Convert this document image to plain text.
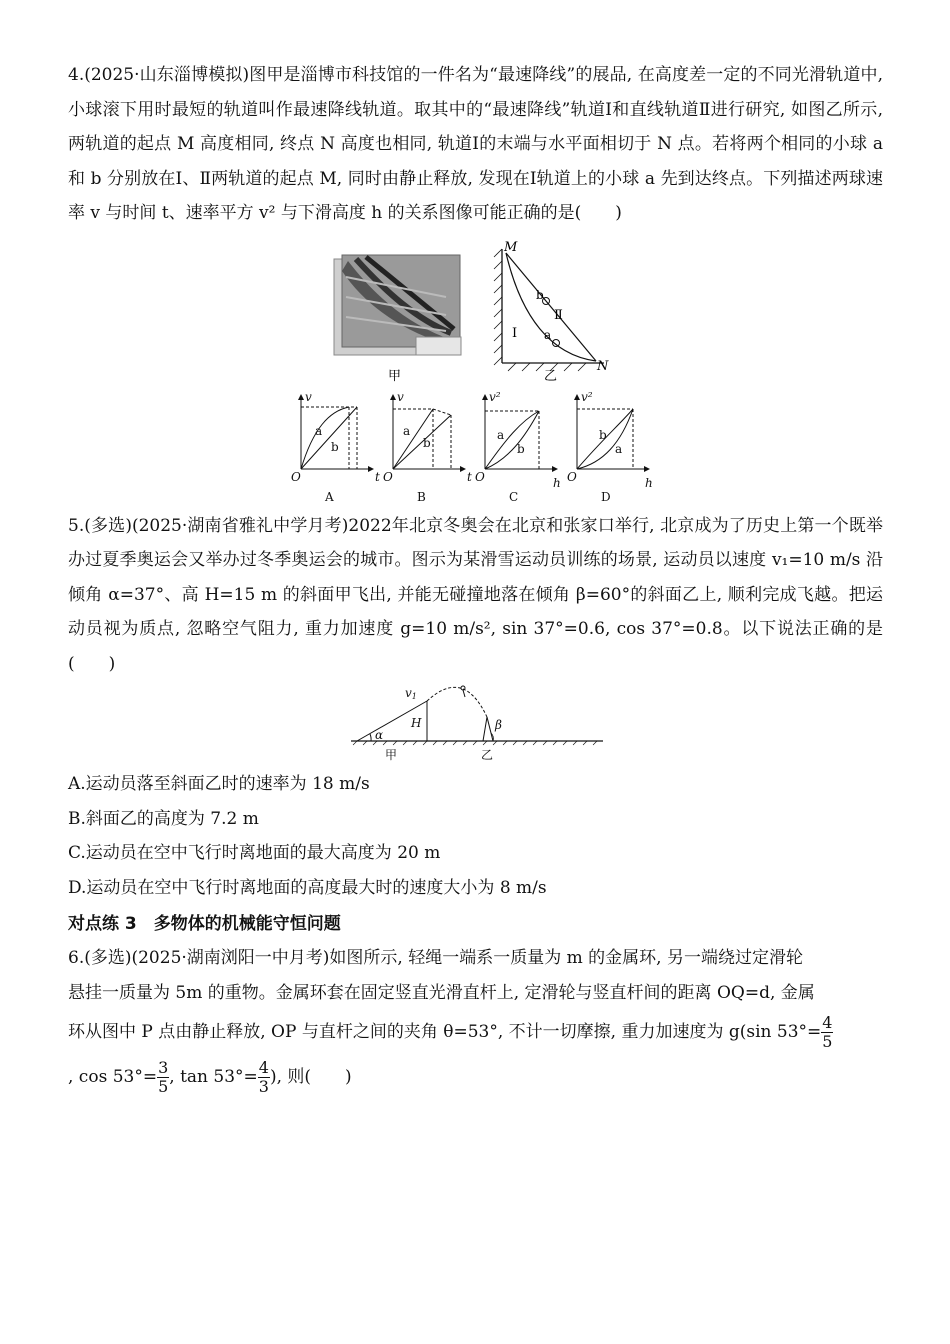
4.(2025·山东淄博模拟)图甲是淄博市科技馆的一件名为“最速降线”的展品, 在高度差一定的不同光滑轨道中, 小球滚下用时最短的轨道叫作最速降线轨道。取其中的“最速降线”轨道Ⅰ和直线轨道Ⅱ进行研究, 如图乙所示, 两轨道的起点 M 高度相同, 终点 N 高度也相同, 轨道Ⅰ的末端与水平面相切于 N 点。若将两个相同的小球 a 和 b 分别放在Ⅰ、Ⅱ两轨道的起点 M, 同时由静止释放, 发现在Ⅰ轨道上的小球 a 先到达终点。下列描述两球速率 v 与时间 t、速率平方 v² 与下滑高度 h 的关系图像可能正确的是(　　)

甲
M
N
Ⅰ
Ⅱ
b
a
乙
v
t
O
a
b
A
v
t
O
a
b
B
v²
h
O
a
b
C
v²
h
O
b
a
D

5.(多选)(2025·湖南省雅礼中学月考)2022年北京冬奥会在北京和张家口举行, 北京成为了历史上第一个既举办过夏季奥运会又举办过冬季奥运会的城市。图示为某滑雪运动员训练的场景, 运动员以速度 v₁=10 m/s 沿倾角 α=37°、高 H=15 m 的斜面甲飞出, 并能无碰撞地落在倾角 β=60°的斜面乙上, 顺利完成飞越。把运动员视为质点, 忽略空气阻力, 重力加速度 g=10 m/s², sin 37°=0.6, cos 37°=0.8。以下说法正确的是(　　)

v1
H
α
β
甲	乙
A.运动员落至斜面乙时的速率为 18 m/s
B.斜面乙的高度为 7.2 m
C.运动员在空中飞行时离地面的最大高度为 20 m
D.运动员在空中飞行时离地面的高度最大时的速度大小为 8 m/s
对点练 3　多物体的机械能守恒问题
6.(多选)(2025·湖南浏阳一中月考)如图所示, 轻绳一端系一质量为 m 的金属环, 另一端绕过定滑轮
悬挂一质量为 5m 的重物。金属环套在固定竖直光滑直杆上, 定滑轮与竖直杆间的距离 OQ=d, 金属
环从图中 P 点由静止释放, OP 与直杆之间的夹角 θ=53°, 不计一切摩擦, 重力加速度为 g(sin $53^\circ= \frac{4}{5}$
, $\cos 53^\circ= \frac{3}{5}$ , $\tan 53^\circ= \frac{4}{3}$ ), 则(　　)
